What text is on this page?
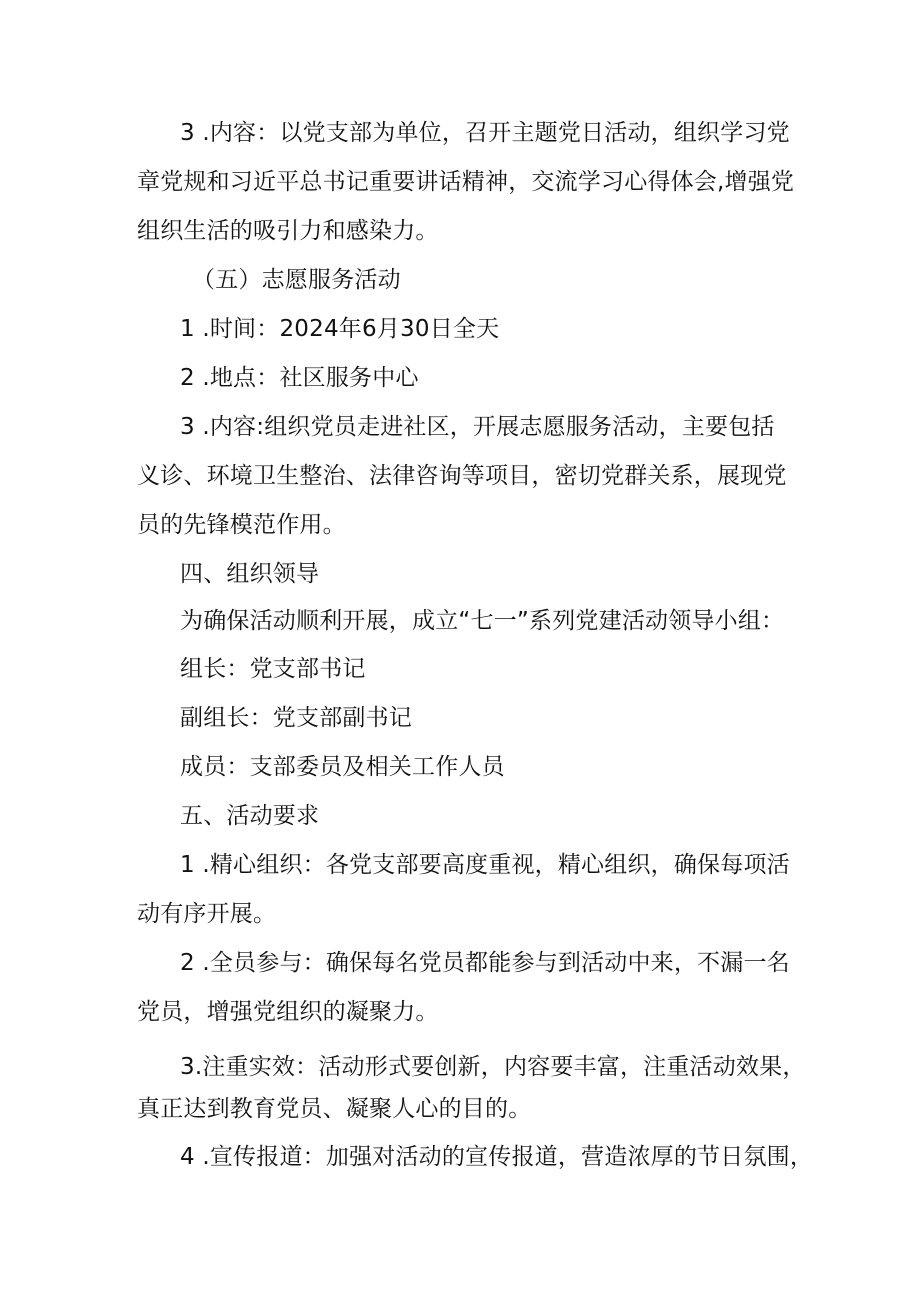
3 .内容：以党支部为单位，召开主题党日活动，组织学习党
章党规和习近平总书记重要讲话精神，交流学习心得体会,增强党
组织生活的吸引力和感染力。
（五）志愿服务活动
1 .时间：2024年6月30日全天
2 .地点：社区服务中心
3 .内容:组织党员走进社区，开展志愿服务活动，主要包括
义诊、环境卫生整治、法律咨询等项目，密切党群关系，展现党
员的先锋模范作用。
四、组织领导
为确保活动顺利开展，成立“七一”系列党建活动领导小组：
组长：党支部书记
副组长：党支部副书记
成员：支部委员及相关工作人员
五、活动要求
1 .精心组织：各党支部要高度重视，精心组织，确保每项活
动有序开展。
2 .全员参与：确保每名党员都能参与到活动中来，不漏一名
党员，增强党组织的凝聚力。
3.注重实效：活动形式要创新，内容要丰富，注重活动效果，
真正达到教育党员、凝聚人心的目的。
4 .宣传报道：加强对活动的宣传报道，营造浓厚的节日氛围，
